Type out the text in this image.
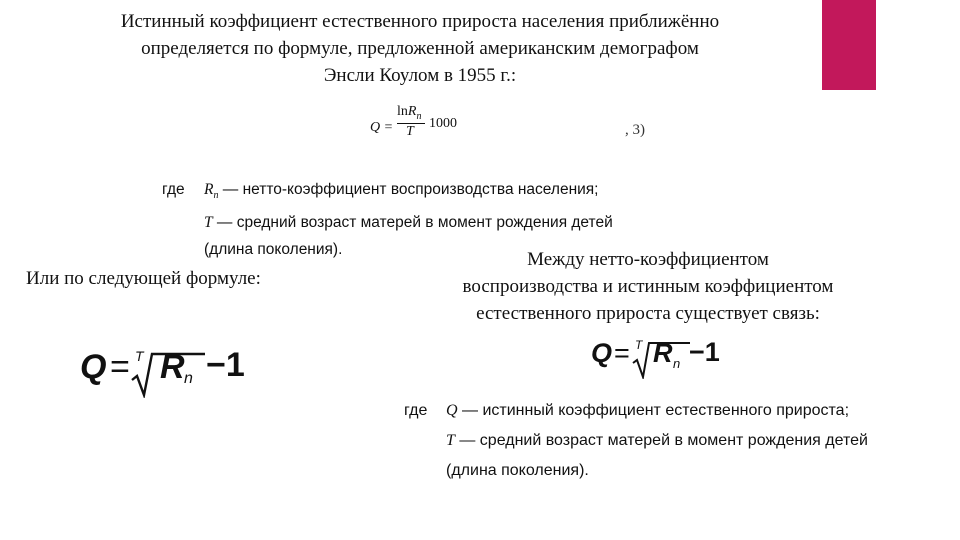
Истинный коэффициент естественного прироста населения приближённо
определяется по формуле, предложенной американским демографом
Энсли Коулом в 1955 г.:
Q =
lnR$_n$
T
1000	, 3)
где $R_n$ — нетто-коэффициент воспроизводства населения;
T — средний возраст матерей в момент рождения детей (длина поколения).
Или по следующей формуле:
Q = T R n −1
Между нетто-коэффициентом
воспроизводства и истинным коэффициентом
естественного прироста существует связь:
Q = T R n −1
где Q — истинный коэффициент естественного прироста;
T — средний возраст матерей в момент рождения детей (длина поколения).
